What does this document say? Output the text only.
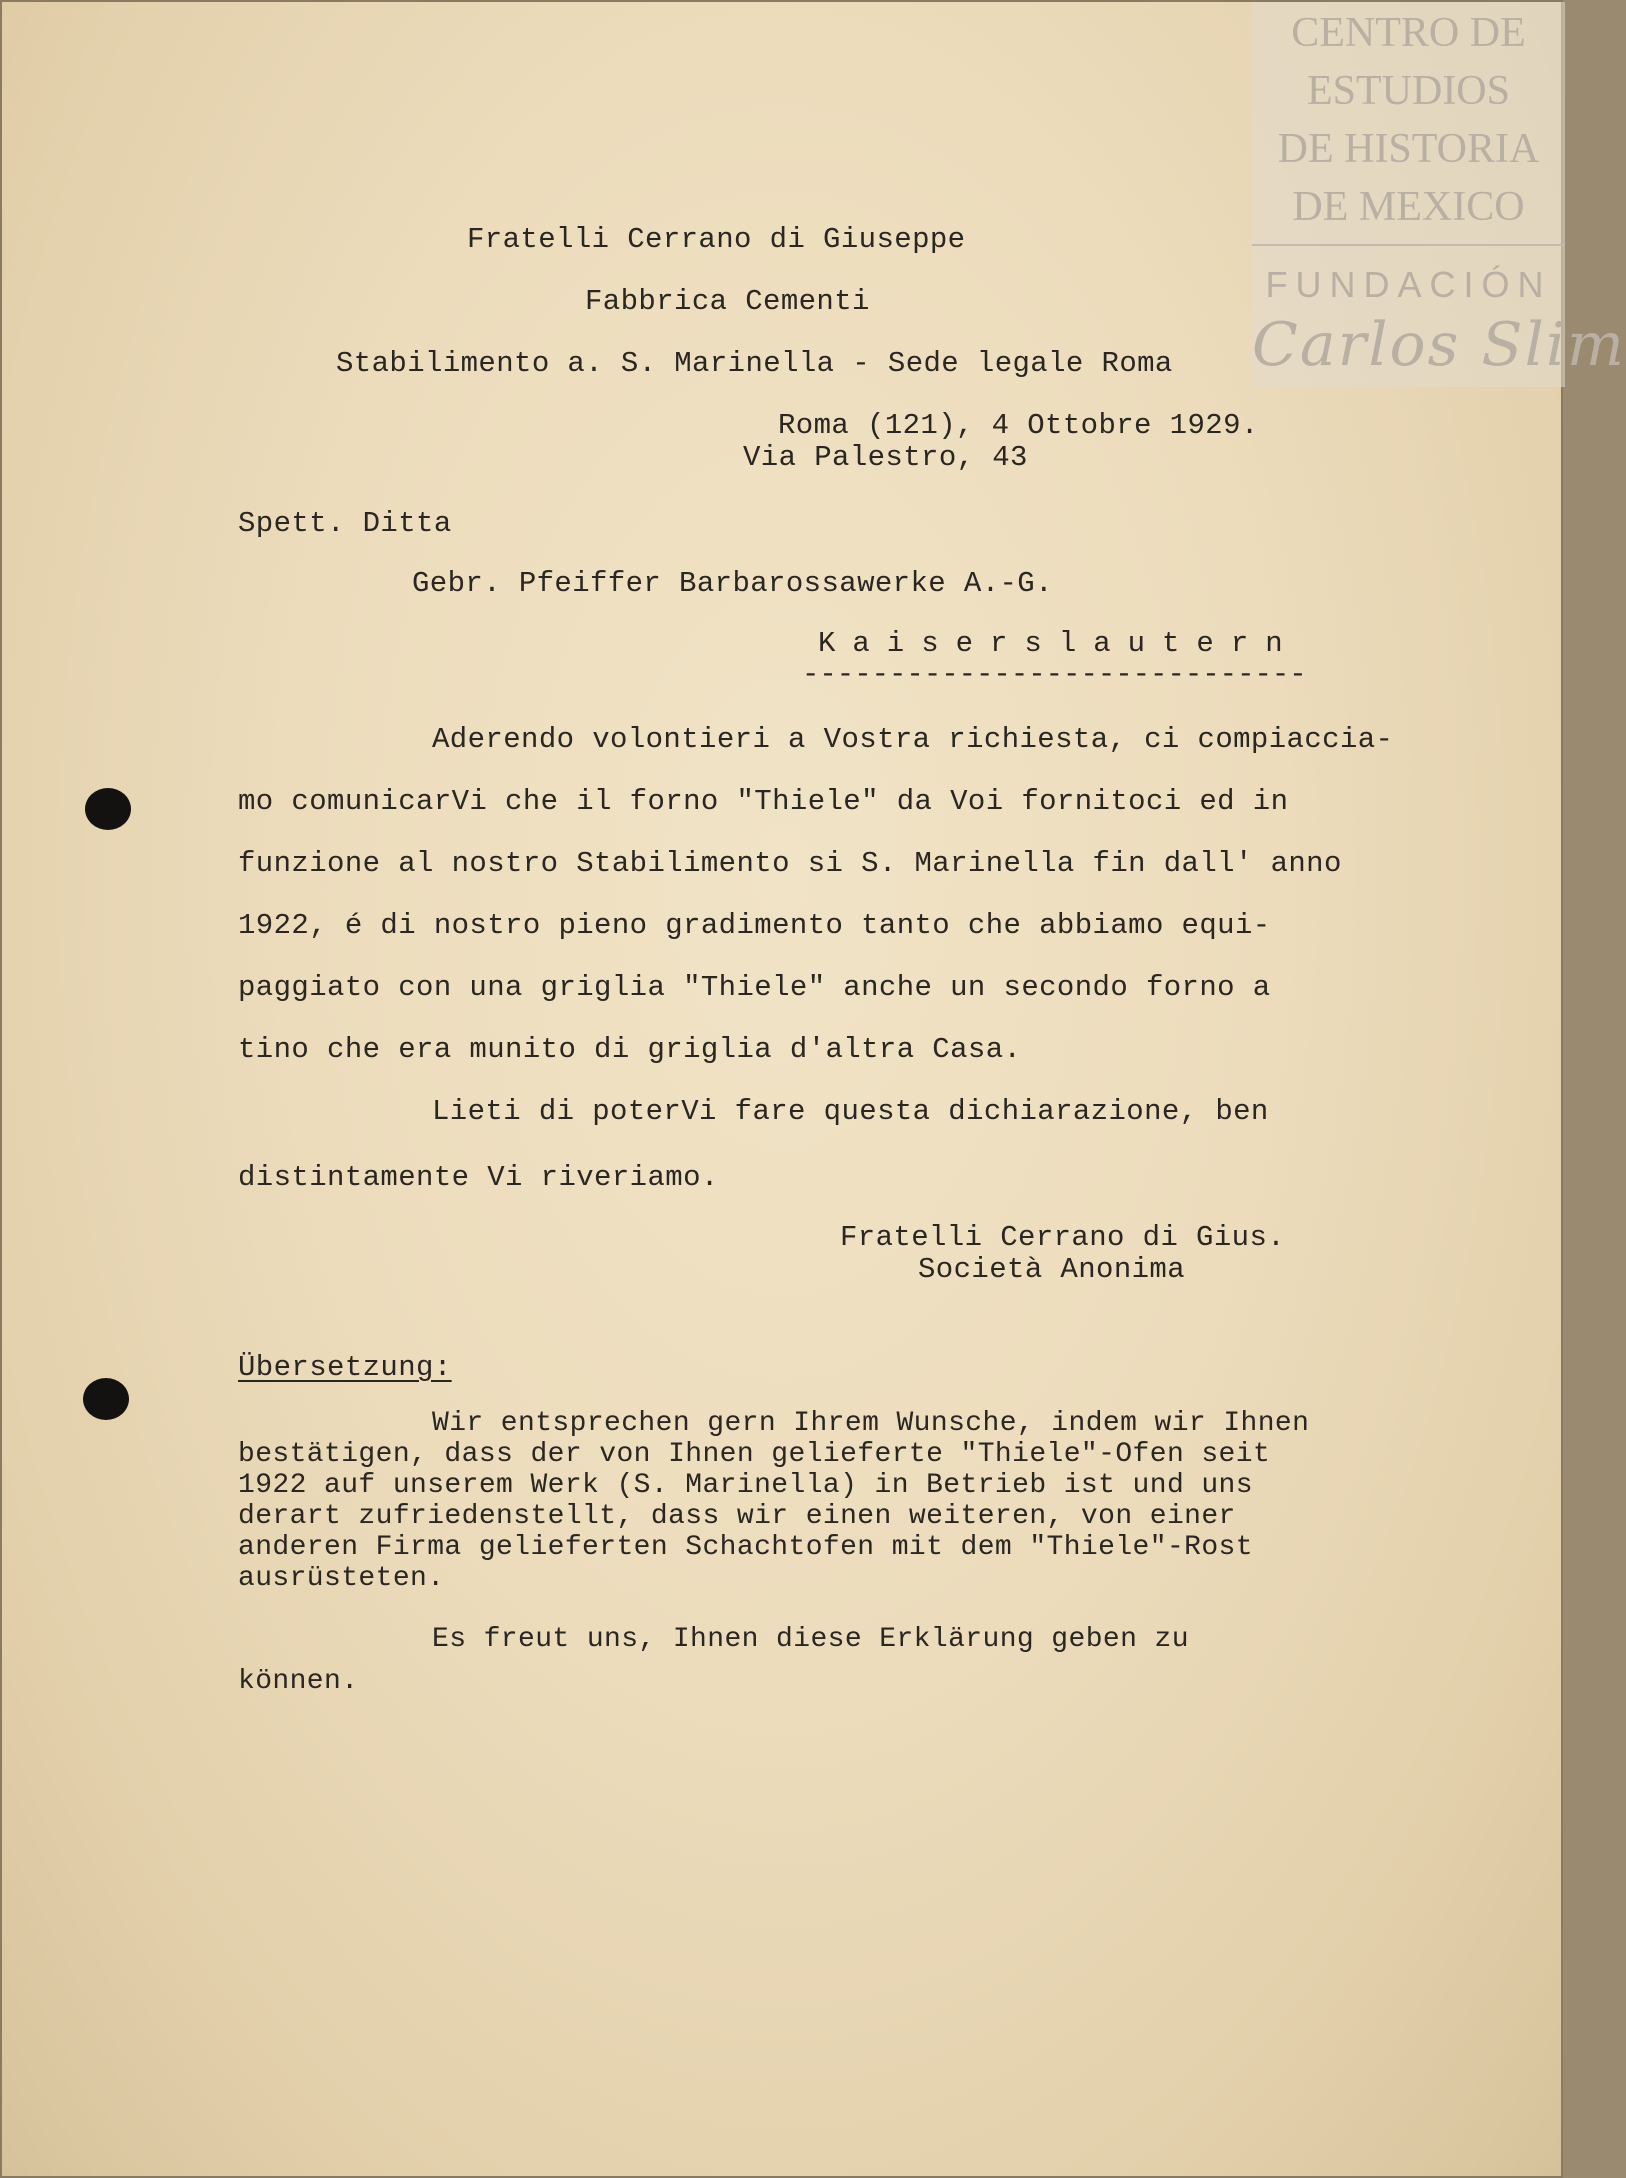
CENTRO DE
ESTUDIOS
DE HISTORIA
DE MEXICO
FUNDACIÓN
Carlos Slim
Fratelli Cerrano di Giuseppe
Fabbrica Cementi
Stabilimento a. S. Marinella - Sede legale Roma
Roma (121), 4 Ottobre 1929.
Via Palestro, 43
Spett. Ditta
Gebr. Pfeiffer Barbarossawerke A.-G.
Kaiserslautern
-----------------------------
Aderendo volontieri a Vostra richiesta, ci compiaccia-
mo comunicarVi che il forno "Thiele" da Voi fornitoci ed in
funzione al nostro Stabilimento si S. Marinella fin dall' anno
1922, é di nostro pieno gradimento tanto che abbiamo equi-
paggiato con una griglia "Thiele" anche un secondo forno a
tino che era munito di griglia d'altra Casa.
Lieti di poterVi fare questa dichiarazione, ben
distintamente Vi riveriamo.
Fratelli Cerrano di Gius.
Società Anonima
Übersetzung:
Wir entsprechen gern Ihrem Wunsche, indem wir Ihnen
bestätigen, dass der von Ihnen gelieferte "Thiele"-Ofen seit
1922 auf unserem Werk (S. Marinella) in Betrieb ist und uns
derart zufriedenstellt, dass wir einen weiteren, von einer
anderen Firma gelieferten Schachtofen mit dem "Thiele"-Rost
ausrüsteten.
Es freut uns, Ihnen diese Erklärung geben zu
können.
